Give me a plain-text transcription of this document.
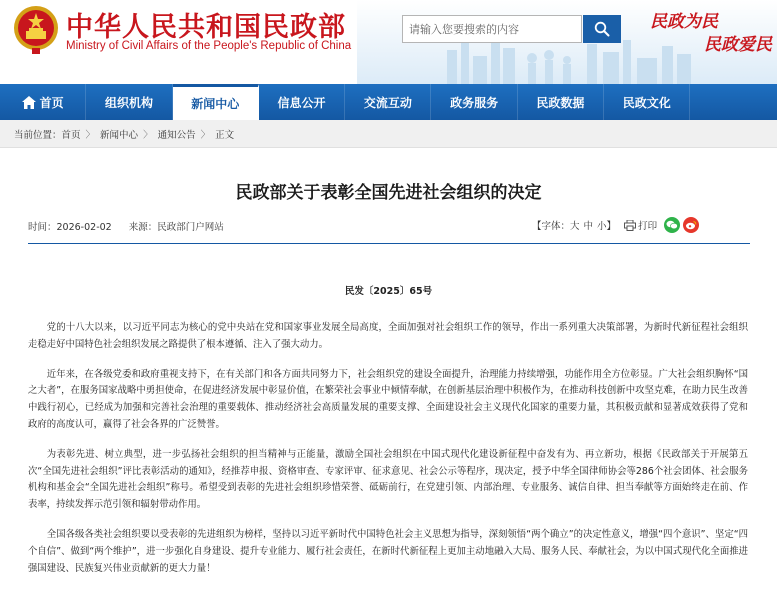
中华人民共和国民政部
Ministry of Civil Affairs of the People's Republic of China
请输入您要搜索的内容
民政为民
民政爱民
首页	组织机构	新闻中心	信息公开	交流互动	政务服务	民政数据	民政文化
当前位置： 首页 〉 新闻中心 〉 通知公告 〉 正文
民政部关于表彰全国先进社会组织的决定
时间：2026-02-02 来源：民政部门户网站	【字体： 大 中 小】 打印
民发〔2025〕65号

党的十八大以来，以习近平同志为核心的党中央站在党和国家事业发展全局高度，全面加强对社会组织工作的领导，作出一系列重大决策部署，为新时代新征程社会组织走稳走好中国特色社会组织发展之路提供了根本遵循、注入了强大动力。

近年来，在各级党委和政府重视支持下，在有关部门和各方面共同努力下，社会组织党的建设全面提升，治理能力持续增强，功能作用全方位彰显。广大社会组织胸怀“国之大者”，在服务国家战略中勇担使命，在促进经济发展中彰显价值，在繁荣社会事业中倾情奉献，在创新基层治理中积极作为，在推动科技创新中攻坚克难，在助力民生改善中践行初心，已经成为加强和完善社会治理的重要载体、推动经济社会高质量发展的重要支撑、全面建设社会主义现代化国家的重要力量，其积极贡献和显著成效获得了党和政府的高度认可，赢得了社会各界的广泛赞誉。

为表彰先进、树立典型，进一步弘扬社会组织的担当精神与正能量，激励全国社会组织在中国式现代化建设新征程中奋发有为、再立新功，根据《民政部关于开展第五次“全国先进社会组织”评比表彰活动的通知》，经推荐申报、资格审查、专家评审、征求意见、社会公示等程序，现决定，授予中华全国律师协会等286个社会团体、社会服务机构和基金会“全国先进社会组织”称号。希望受到表彰的先进社会组织珍惜荣誉、砥砺前行，在党建引领、内部治理、专业服务、诚信自律、担当奉献等方面始终走在前、作表率，持续发挥示范引领和辐射带动作用。

全国各级各类社会组织要以受表彰的先进组织为榜样，坚持以习近平新时代中国特色社会主义思想为指导，深刻领悟“两个确立”的决定性意义，增强“四个意识”、坚定“四个自信”、做到“两个维护”，进一步强化自身建设、提升专业能力、履行社会责任，在新时代新征程上更加主动地融入大局、服务人民、奉献社会，为以中国式现代化全面推进强国建设、民族复兴伟业贡献新的更大力量！
